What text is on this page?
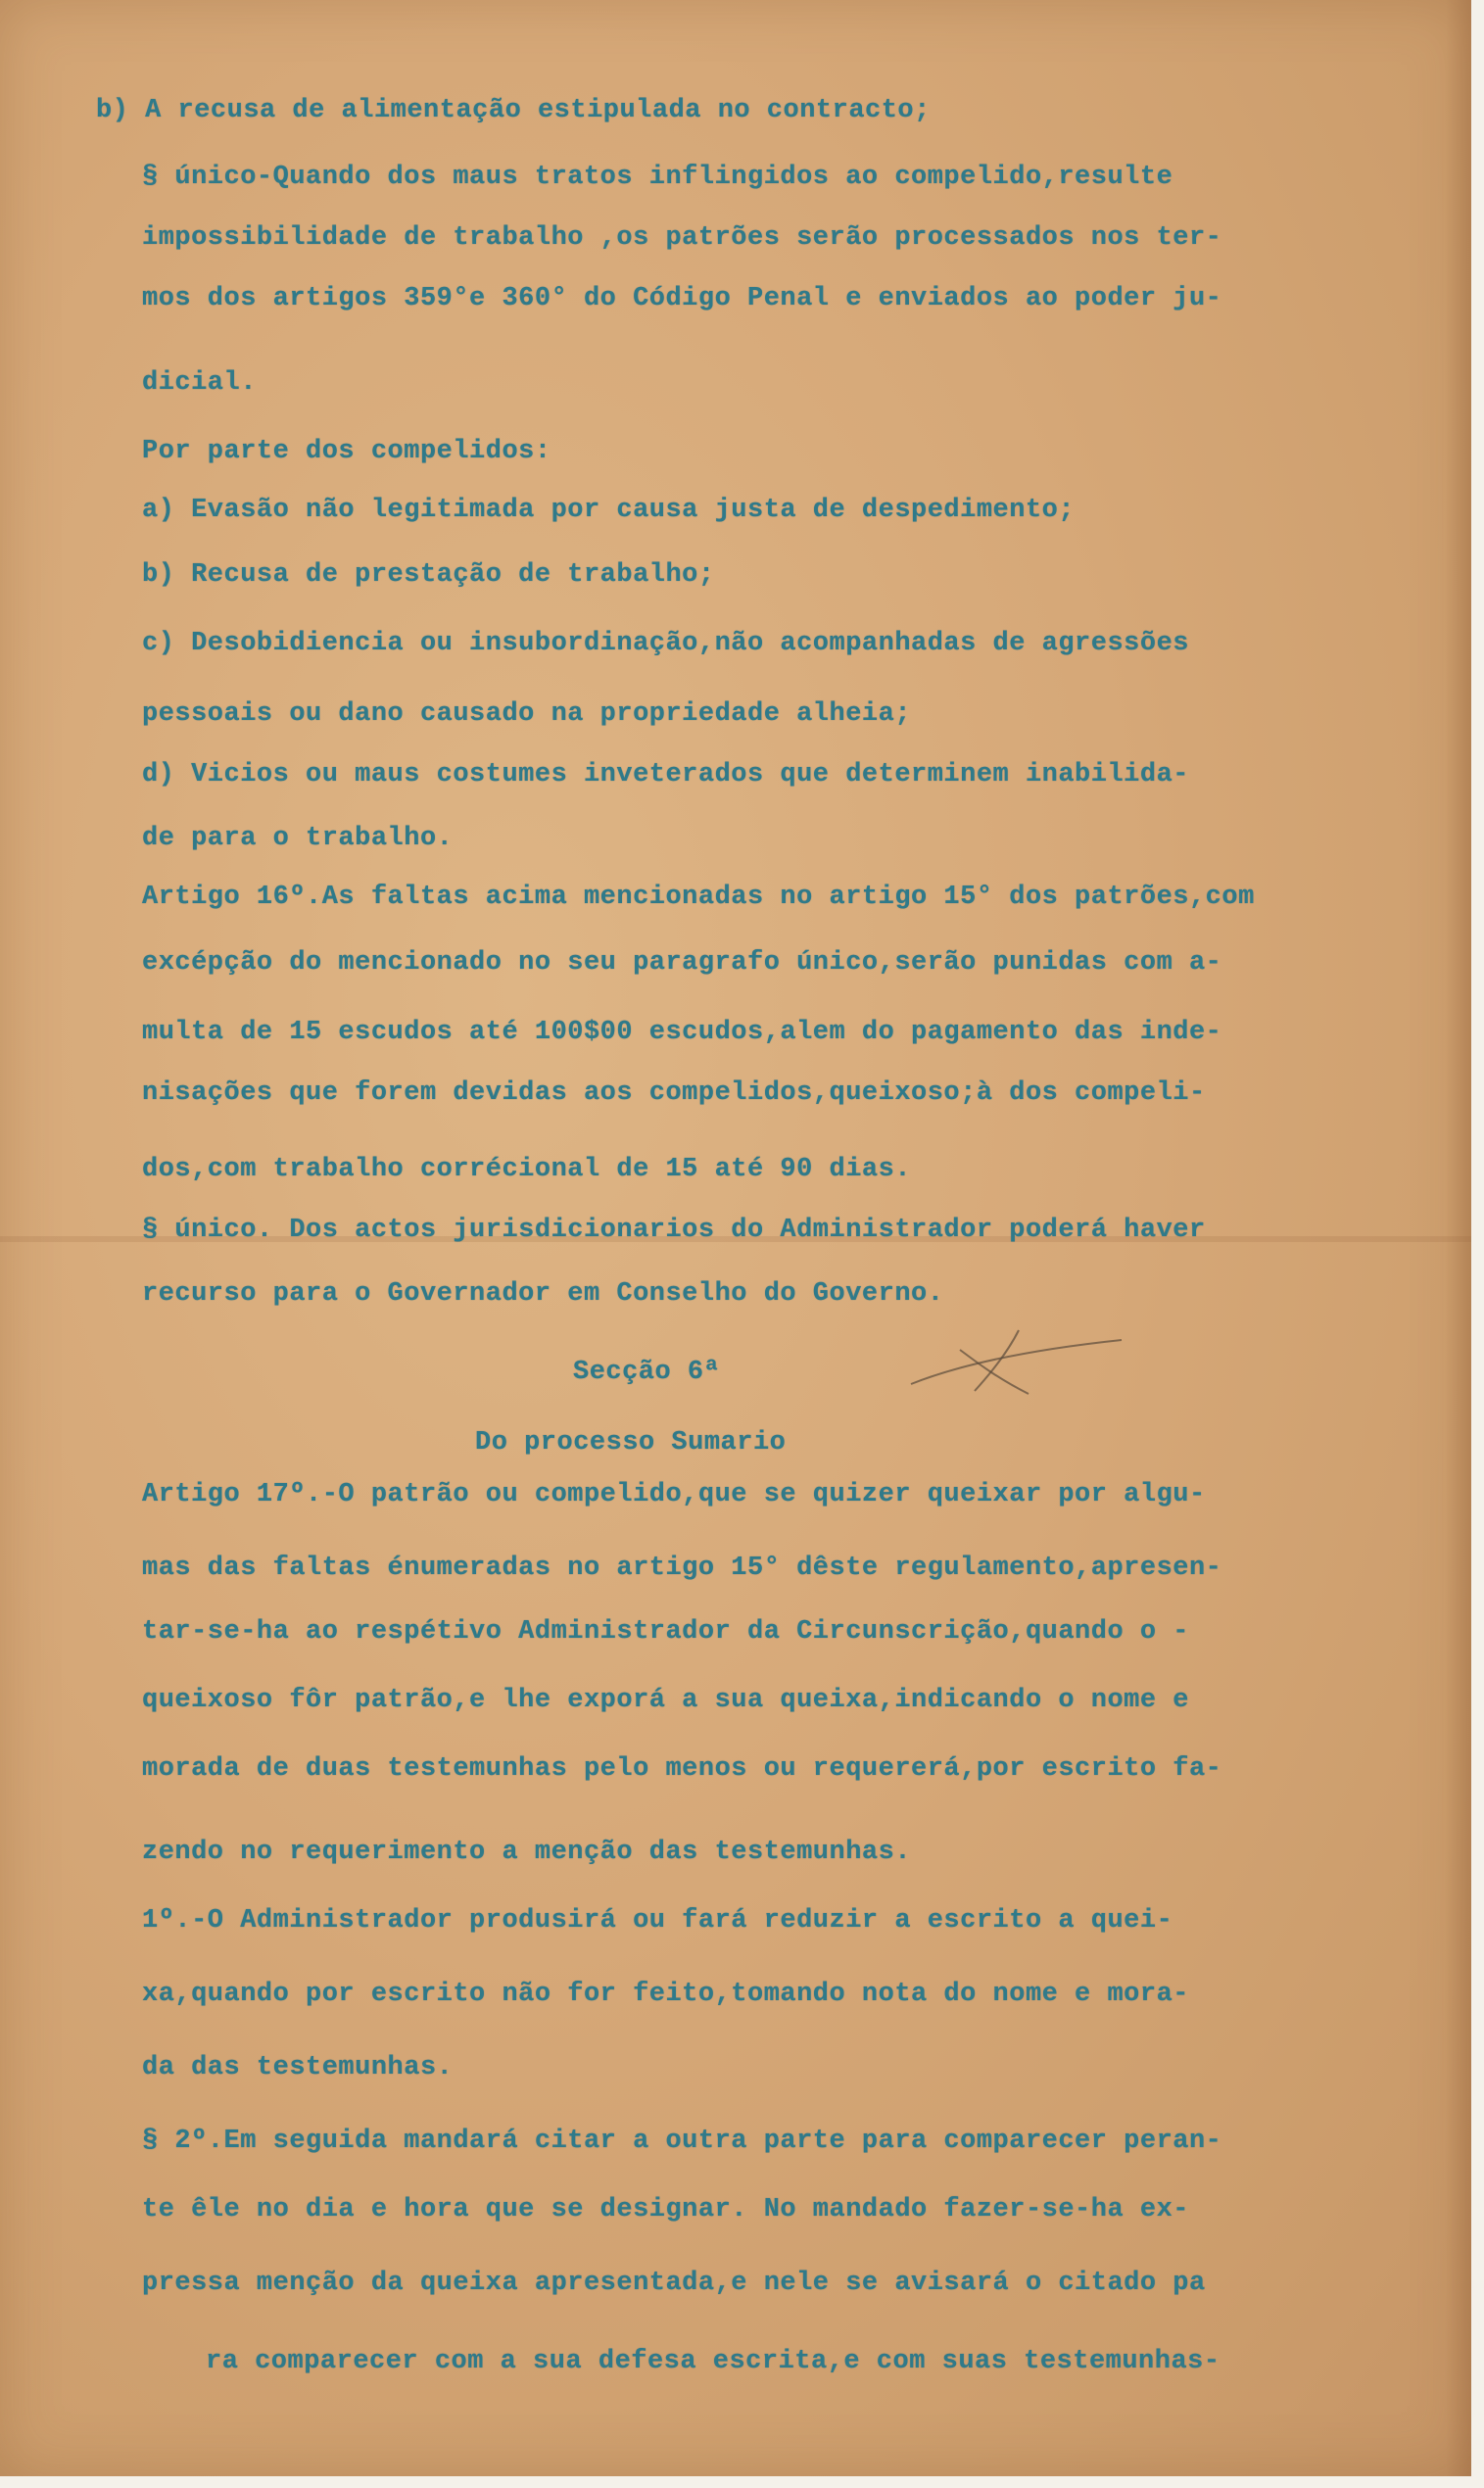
b) A recusa de alimentação estipulada no contracto;
§ único-Quando dos maus tratos inflingidos ao compelido,resulte
impossibilidade de trabalho ,os patrões serão processados nos ter-
mos dos artigos 359°e 360° do Código Penal e enviados ao poder ju-
dicial.
Por parte dos compelidos:
a) Evasão não legitimada por causa justa de despedimento;
b) Recusa de prestação de trabalho;
c) Desobidiencia ou insubordinação,não acompanhadas de agressões
pessoais ou dano causado na propriedade alheia;
d) Vicios ou maus costumes inveterados que determinem inabilida-
de para o trabalho.
Artigo 16º.As faltas acima mencionadas no artigo 15° dos patrões,com
excépção do mencionado no seu paragrafo único,serão punidas com a-
multa de 15 escudos até 100$00 escudos,alem do pagamento das inde-
nisações que forem devidas aos compelidos,queixoso;à dos compeli-
dos,com trabalho corrécional de 15 até 90 dias.
§ único. Dos actos jurisdicionarios do Administrador poderá haver
recurso para o Governador em Conselho do Governo.
Secção 6ª
Do processo Sumario
Artigo 17º.-O patrão ou compelido,que se quizer queixar por algu-
mas das faltas énumeradas no artigo 15° dêste regulamento,apresen-
tar-se-ha ao respétivo Administrador da Circunscrição,quando o -
queixoso fôr patrão,e lhe exporá a sua queixa,indicando o nome e
morada de duas testemunhas pelo menos ou requererá,por escrito fa-
zendo no requerimento a menção das testemunhas.
1º.-O Administrador produsirá ou fará reduzir a escrito a quei-
xa,quando por escrito não for feito,tomando nota do nome e mora-
da das testemunhas.
§ 2º.Em seguida mandará citar a outra parte para comparecer peran-
te êle no dia e hora que se designar. No mandado fazer-se-ha ex-
pressa menção da queixa apresentada,e nele se avisará o citado pa
ra comparecer com a sua defesa escrita,e com suas testemunhas-
